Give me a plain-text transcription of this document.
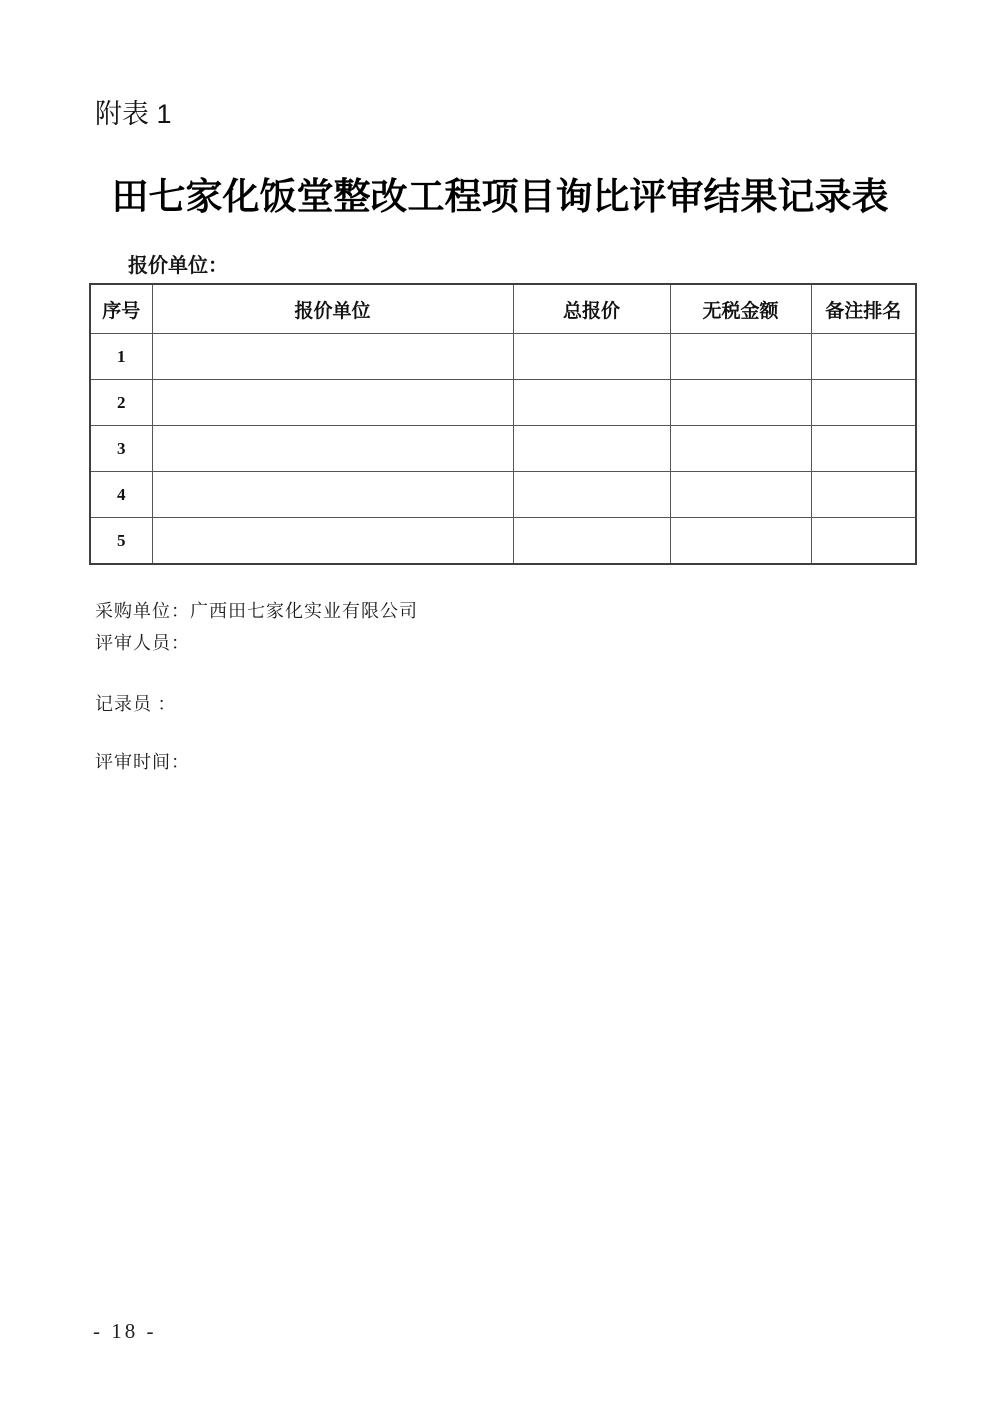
附表 1
田七家化饭堂整改工程项目询比评审结果记录表
报价单位：
序号	报价单位	总报价	无税金额	备注排名
1				
2				
3				
4				
5				
采购单位：广西田七家化实业有限公司
评审人员：
记录员 ：
评审时间：
- 18 -
